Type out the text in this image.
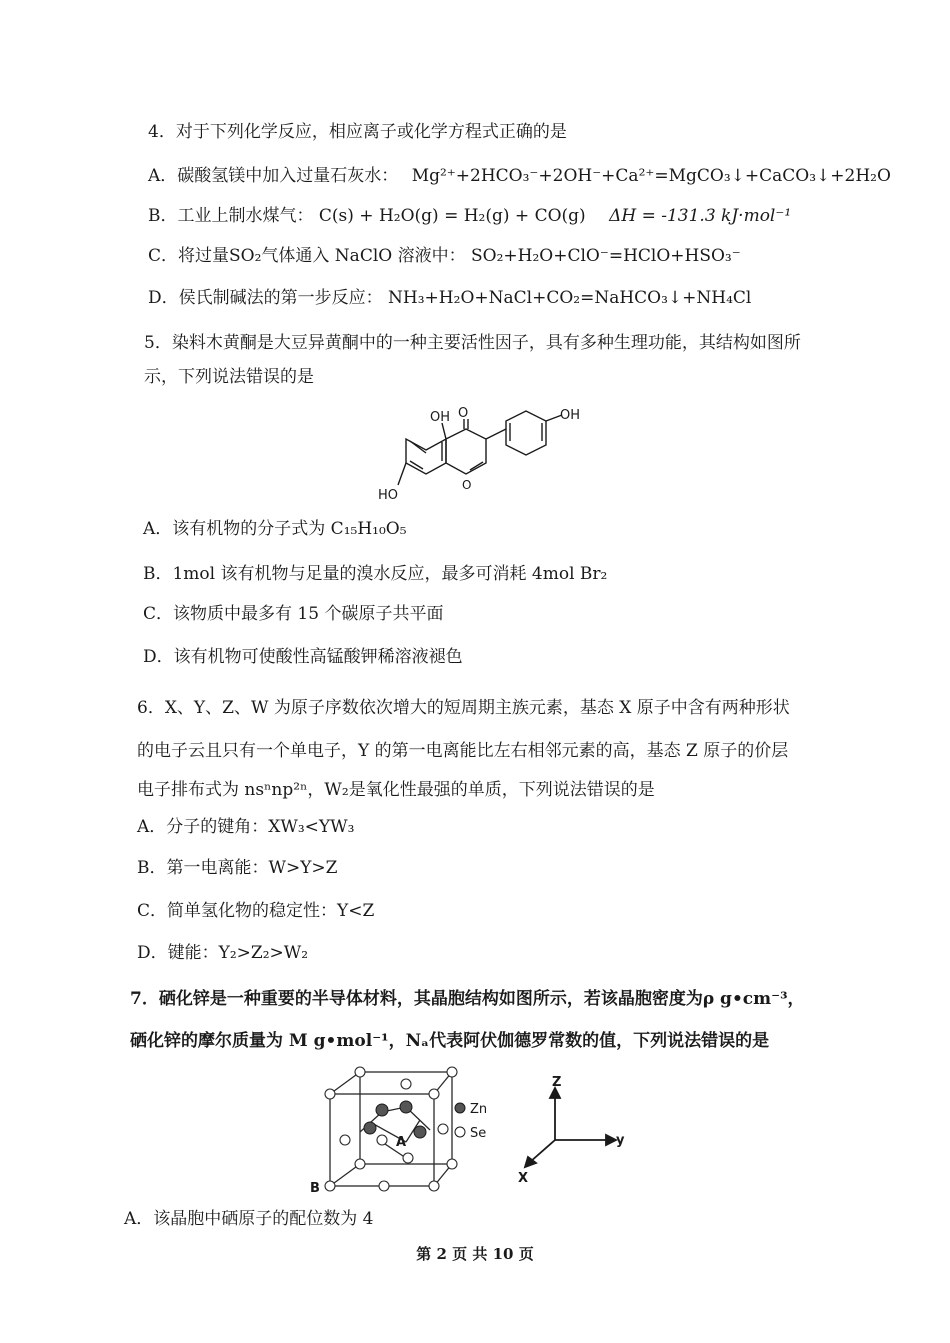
4．对于下列化学反应，相应离子或化学方程式正确的是
A．碳酸氢镁中加入过量石灰水： Mg²⁺+2HCO₃⁻+2OH⁻+Ca²⁺=MgCO₃↓+CaCO₃↓+2H₂O
B．工业上制水煤气： C(s) + H₂O(g) = H₂(g) + CO(g) ΔH = -131.3 kJ·mol⁻¹
C．将过量SO₂气体通入 NaClO 溶液中： SO₂+H₂O+ClO⁻=HClO+HSO₃⁻
D．侯氏制碱法的第一步反应： NH₃+H₂O+NaCl+CO₂=NaHCO₃↓+NH₄Cl
5．染料木黄酮是大豆异黄酮中的一种主要活性因子，具有多种生理功能，其结构如图所
示，下列说法错误的是
OH O	OH
HO
O
A．该有机物的分子式为 C₁₅H₁₀O₅
B．1mol 该有机物与足量的溴水反应，最多可消耗 4mol Br₂
C．该物质中最多有 15 个碳原子共平面
D．该有机物可使酸性高锰酸钾稀溶液褪色
6．X、Y、Z、W 为原子序数依次增大的短周期主族元素，基态 X 原子中含有两种形状
的电子云且只有一个单电子，Y 的第一电离能比左右相邻元素的高，基态 Z 原子的价层
电子排布式为 nsⁿnp²ⁿ，W₂是氧化性最强的单质，下列说法错误的是
A．分子的键角：XW₃<YW₃
B．第一电离能：W>Y>Z
C．简单氢化物的稳定性：Y<Z
D．键能：Y₂>Z₂>W₂
7．硒化锌是一种重要的半导体材料，其晶胞结构如图所示，若该晶胞密度为ρ g•cm⁻³，
硒化锌的摩尔质量为 M g•mol⁻¹，Nₐ代表阿伏伽德罗常数的值，下列说法错误的是
A
B
Zn
Se
Z
y
X
A．该晶胞中硒原子的配位数为 4
第 2 页 共 10 页
